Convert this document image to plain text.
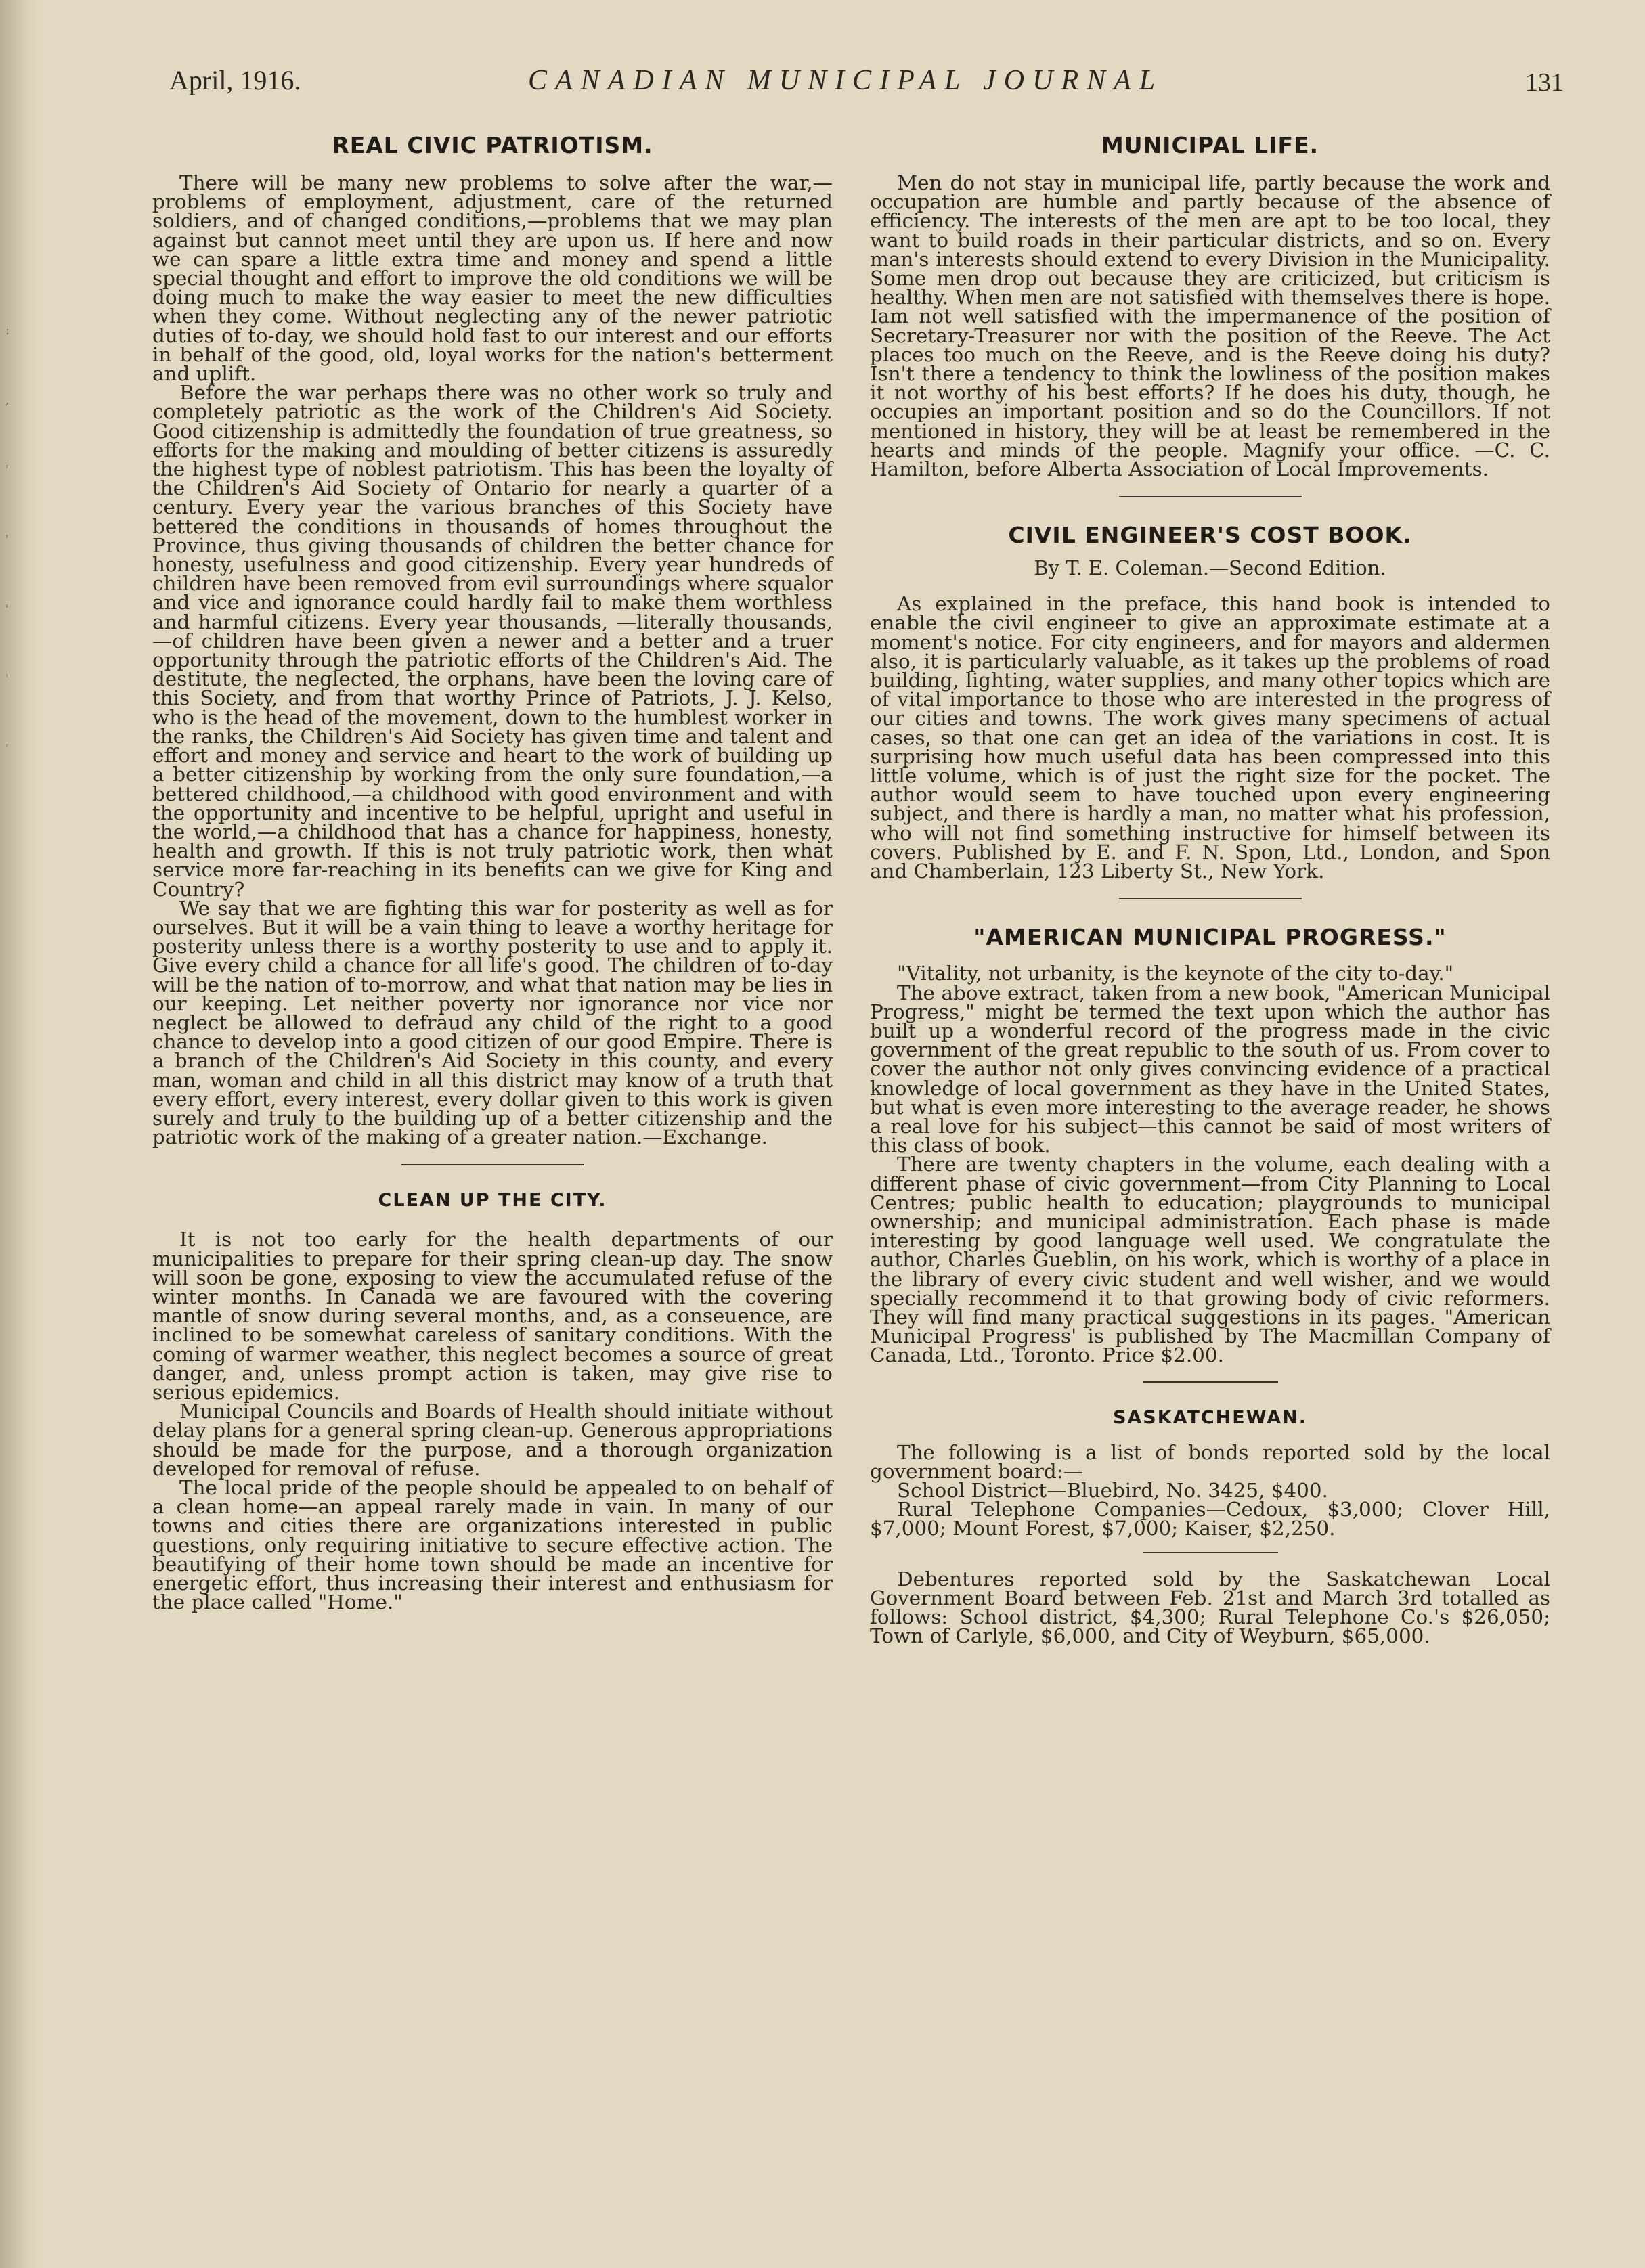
:
,
'
'
'
'
'
April, 1916.	CANADIAN MUNICIPAL JOURNAL	131
REAL CIVIC PATRIOTISM.

There will be many new problems to solve after the war,—problems of employment, adjustment, care of the returned soldiers, and of changed conditions,—problems that we may plan against but cannot meet until they are upon us. If here and now we can spare a little extra time and money and spend a little special thought and effort to improve the old conditions we will be doing much to make the way easier to meet the new difficulties when they come. Without neglecting any of the newer patriotic duties of to-day, we should hold fast to our interest and our efforts in behalf of the good, old, loyal works for the nation's betterment and uplift.

Before the war perhaps there was no other work so truly and completely patriotic as the work of the Children's Aid Society. Good citizenship is admittedly the foundation of true greatness, so efforts for the making and moulding of better citizens is assuredly the highest type of noblest patriotism. This has been the loyalty of the Children's Aid Society of Ontario for nearly a quarter of a century. Every year the various branches of this Society have bettered the conditions in thousands of homes throughout the Province, thus giving thousands of children the better chance for honesty, usefulness and good citizenship. Every year hundreds of children have been removed from evil surroundings where squalor and vice and ignorance could hardly fail to make them worthless and harmful citizens. Every year thousands, —literally thousands,—of children have been given a newer and a better and a truer opportunity through the patriotic efforts of the Children's Aid. The destitute, the neglected, the orphans, have been the loving care of this Society, and from that worthy Prince of Patriots, J. J. Kelso, who is the head of the movement, down to the humblest worker in the ranks, the Children's Aid Society has given time and talent and effort and money and service and heart to the work of building up a better citizenship by working from the only sure foundation,—a bettered childhood,—a childhood with good environment and with the opportunity and incentive to be helpful, upright and useful in the world,—a childhood that has a chance for happiness, honesty, health and growth. If this is not truly patriotic work, then what service more far-reaching in its benefits can we give for King and Country?

We say that we are fighting this war for posterity as well as for ourselves. But it will be a vain thing to leave a worthy heritage for posterity unless there is a worthy posterity to use and to apply it. Give every child a chance for all life's good. The children of to-day will be the nation of to-morrow, and what that nation may be lies in our keeping. Let neither poverty nor ignorance nor vice nor neglect be allowed to defraud any child of the right to a good chance to develop into a good citizen of our good Empire. There is a branch of the Children's Aid Society in this county, and every man, woman and child in all this district may know of a truth that every effort, every interest, every dollar given to this work is given surely and truly to the building up of a better citizenship and the patriotic work of the making of a greater nation.—Exchange.

CLEAN UP THE CITY.

It is not too early for the health departments of our municipalities to prepare for their spring clean-up day. The snow will soon be gone, exposing to view the accumulated refuse of the winter months. In Canada we are favoured with the covering mantle of snow during several months, and, as a conseuence, are inclined to be somewhat careless of sanitary conditions. With the coming of warmer weather, this neglect becomes a source of great danger, and, unless prompt action is taken, may give rise to serious epidemics.

Municipal Councils and Boards of Health should initiate without delay plans for a general spring clean-up. Generous appropriations should be made for the purpose, and a thorough organization developed for removal of refuse.

The local pride of the people should be appealed to on behalf of a clean home—an appeal rarely made in vain. In many of our towns and cities there are organizations interested in public questions, only requiring initiative to secure effective action. The beautifying of their home town should be made an incentive for energetic effort, thus increasing their interest and enthusiasm for the place called "Home."

MUNICIPAL LIFE.

Men do not stay in municipal life, partly because the work and occupation are humble and partly because of the absence of efficiency. The interests of the men are apt to be too local, they want to build roads in their particular districts, and so on. Every man's interests should extend to every Division in the Municipality. Some men drop out because they are criticized, but criticism is healthy. When men are not satisfied with themselves there is hope. Iam not well satisfied with the impermanence of the position of Secretary-Treasurer nor with the position of the Reeve. The Act places too much on the Reeve, and is the Reeve doing his duty? Isn't there a tendency to think the lowliness of the position makes it not worthy of his best efforts? If he does his duty, though, he occupies an important position and so do the Councillors. If not mentioned in history, they will be at least be remembered in the hearts and minds of the people. Magnify your office. —C. C. Hamilton, before Alberta Association of Local Improvements.

CIVIL ENGINEER'S COST BOOK.
By T. E. Coleman.—Second Edition.

As explained in the preface, this hand book is intended to enable the civil engineer to give an approximate estimate at a moment's notice. For city engineers, and for mayors and aldermen also, it is particularly valuable, as it takes up the problems of road building, lighting, water supplies, and many other topics which are of vital importance to those who are interested in the progress of our cities and towns. The work gives many specimens of actual cases, so that one can get an idea of the variations in cost. It is surprising how much useful data has been compressed into this little volume, which is of just the right size for the pocket. The author would seem to have touched upon every engineering subject, and there is hardly a man, no matter what his profession, who will not find something instructive for himself between its covers. Published by E. and F. N. Spon, Ltd., London, and Spon and Chamberlain, 123 Liberty St., New York.

"AMERICAN MUNICIPAL PROGRESS."

"Vitality, not urbanity, is the keynote of the city to-day."

The above extract, taken from a new book, "American Municipal Progress," might be termed the text upon which the author has built up a wonderful record of the progress made in the civic government of the great republic to the south of us. From cover to cover the author not only gives convincing evidence of a practical knowledge of local government as they have in the United States, but what is even more interesting to the average reader, he shows a real love for his subject—this cannot be said of most writers of this class of book.

There are twenty chapters in the volume, each dealing with a different phase of civic government—from City Planning to Local Centres; public health to education; playgrounds to municipal ownership; and municipal administration. Each phase is made interesting by good language well used. We congratulate the author, Charles Gueblin, on his work, which is worthy of a place in the library of every civic student and well wisher, and we would specially recommend it to that growing body of civic reformers. They will find many practical suggestions in its pages. "American Municipal Progress' is published by The Macmillan Company of Canada, Ltd., Toronto. Price $2.00.

SASKATCHEWAN.

The following is a list of bonds reported sold by the local government board:—

School District—Bluebird, No. 3425, $400.

Rural Telephone Companies—Cedoux, $3,000; Clover Hill, $7,000; Mount Forest, $7,000; Kaiser, $2,250.

Debentures reported sold by the Saskatchewan Local Government Board between Feb. 21st and March 3rd totalled as follows: School district, $4,300; Rural Telephone Co.'s $26,050; Town of Carlyle, $6,000, and City of Weyburn, $65,000.
